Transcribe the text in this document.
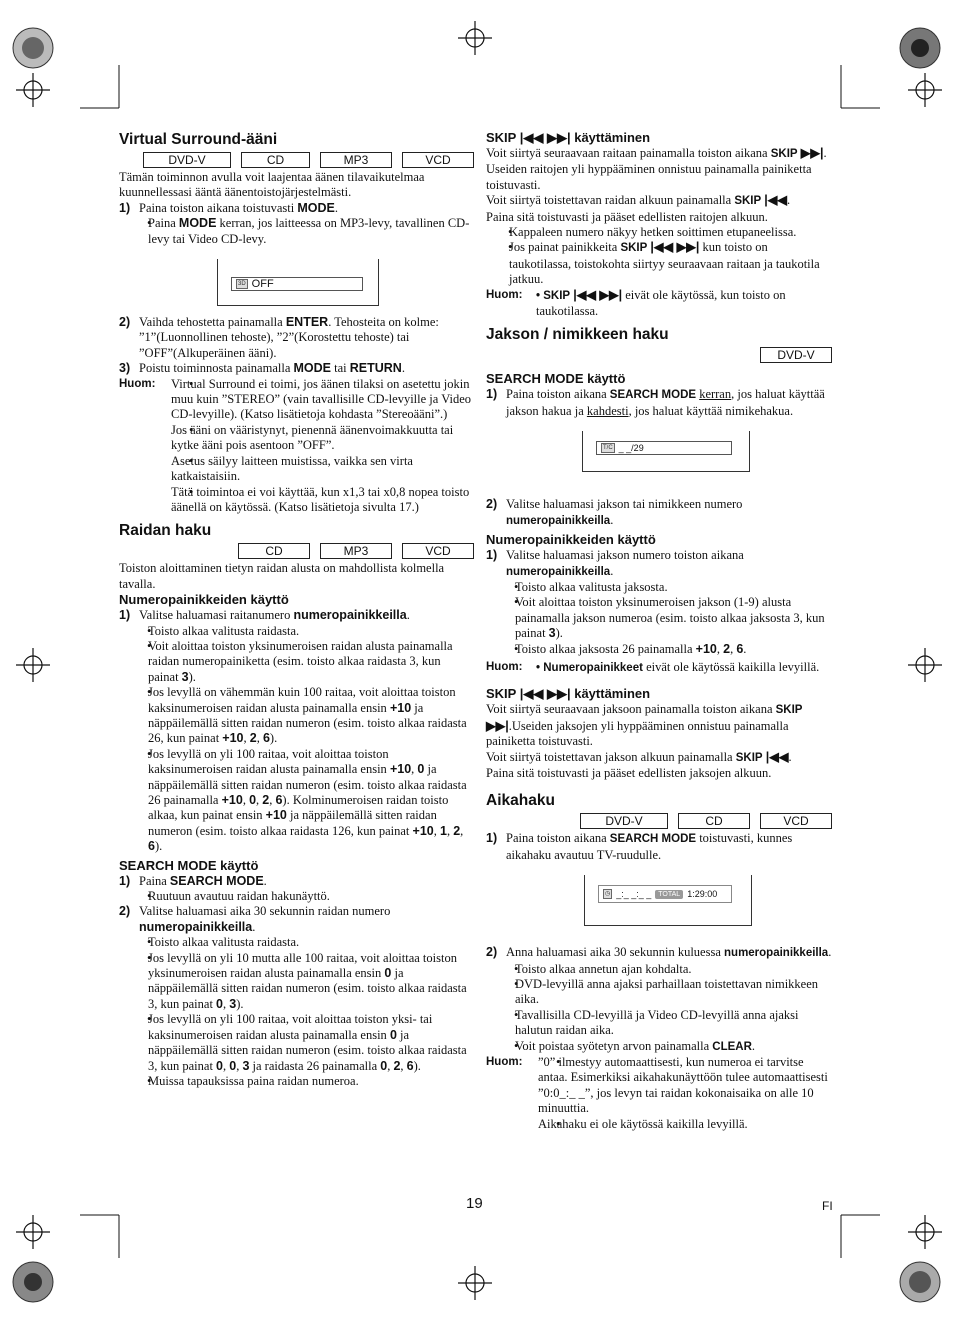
Virtual Surround-ääni
DVD-V	CD	MP3	VCD

Tämän toiminnon avulla voit laajentaa äänen tilavaikutelmaa kuunnellessasi ääntä äänentoistojärjestelmästi.

1) Paina toiston aikana toistuvasti MODE.
• Paina MODE kerran, jos laitteessa on MP3-levy, tavallinen CD-levy tai Video CD-levy.
3D OFF
2) Vaihda tehostetta painamalla ENTER. Tehosteita on kolme: ”1”(Luonnollinen tehoste), ”2”(Korostettu tehoste) tai ”OFF”(Alkuperäinen ääni).
3) Poistu toiminnosta painamalla MODE tai RETURN.
Huom:	• Virtual Surround ei toimi, jos äänen tilaksi on asetettu jokin muu kuin ”STEREO” (vain tavallisille CD-levyille ja Video CD-levyille). (Katso lisätietoja kohdasta ”Stereoääni”.)
• Jos ääni on vääristynyt, pienennä äänenvoimakkuutta tai kytke ääni pois asentoon ”OFF”.
• Asetus säilyy laitteen muistissa, vaikka sen virta katkaistaisiin.
• Tätä toimintoa ei voi käyttää, kun x1,3 tai x0,8 nopea toisto äänellä on käytössä. (Katso lisätietoja sivulta 17.)
Raidan haku
CD	MP3	VCD

Toiston aloittaminen tietyn raidan alusta on mahdollista kolmella tavalla.

Numeropainikkeiden käyttö
1) Valitse haluamasi raitanumero numeropainikkeilla.
• Toisto alkaa valitusta raidasta.
• Voit aloittaa toiston yksinumeroisen raidan alusta painamalla raidan numeropainiketta (esim. toisto alkaa raidasta 3, kun painat 3).
• Jos levyllä on vähemmän kuin 100 raitaa, voit aloittaa toiston kaksinumeroisen raidan alusta painamalla ensin +10 ja näppäilemällä sitten raidan numeron (esim. toisto alkaa raidasta 26, kun painat +10, 2, 6).
• Jos levyllä on yli 100 raitaa, voit aloittaa toiston kaksinumeroisen raidan alusta painamalla ensin +10, 0 ja näppäilemällä sitten raidan numeron (esim. toisto alkaa raidasta 26 painamalla +10, 0, 2, 6). Kolminumeroisen raidan toisto alkaa, kun painat ensin +10 ja näppäilemällä sitten raidan numeron (esim. toisto alkaa raidasta 126, kun painat +10, 1, 2, 6).
SEARCH MODE käyttö
1) Paina SEARCH MODE.
• Ruutuun avautuu raidan hakunäyttö.
2) Valitse haluamasi aika 30 sekunnin raidan numero numeropainikkeilla.
• Toisto alkaa valitusta raidasta.
• Jos levyllä on yli 10 mutta alle 100 raitaa, voit aloittaa toiston yksinumeroisen raidan alusta painamalla ensin 0 ja näppäilemällä sitten raidan numeron (esim. toisto alkaa raidasta 3, kun painat 0, 3).
• Jos levyllä on yli 100 raitaa, voit aloittaa toiston yksi- tai kaksinumeroisen raidan alusta painamalla ensin 0 ja näppäilemällä sitten raidan numeron (esim. toisto alkaa raidasta 3, kun painat 0, 0, 3 ja raidasta 26 painamalla 0, 2, 6).
• Muissa tapauksissa paina raidan numeroa.
SKIP |◀◀ ▶▶| käyttäminen

Voit siirtyä seuraavaan raitaan painamalla toiston aikana SKIP ▶▶|. Useiden raitojen yli hyppääminen onnistuu painamalla painiketta toistuvasti.

Voit siirtyä toistettavan raidan alkuun painamalla SKIP |◀◀.

Paina sitä toistuvasti ja pääset edellisten raitojen alkuun.

• Kappaleen numero näkyy hetken soittimen etupaneelissa.
• Jos painat painikkeita SKIP |◀◀ ▶▶| kun toisto on taukotilassa, toistokohta siirtyy seuraavaan raitaan ja taukotila jatkuu.
Huom: • SKIP |◀◀ ▶▶| eivät ole käytössä, kun toisto on taukotilassa.
Jakson / nimikkeen haku
DVD-V
SEARCH MODE käyttö
1) Paina toiston aikana SEARCH MODE kerran, jos haluat käyttää jakson hakua ja kahdesti, jos haluat käyttää nimikehakua.
T/C _ _/29
2) Valitse haluamasi jakson tai nimikkeen numero numeropainikkeilla.
Numeropainikkeiden käyttö
1) Valitse haluamasi jakson numero toiston aikana numeropainikkeilla.
• Toisto alkaa valitusta jaksosta.
• Voit aloittaa toiston yksinumeroisen jakson (1-9) alusta painamalla jakson numeroa (esim. toisto alkaa jaksosta 3, kun painat 3).
• Toisto alkaa jaksosta 26 painamalla +10, 2, 6.
Huom: • Numeropainikkeet eivät ole käytössä kaikilla levyillä.
SKIP |◀◀ ▶▶| käyttäminen

Voit siirtyä seuraavaan jaksoon painamalla toiston aikana SKIP ▶▶|.Useiden jaksojen yli hyppääminen onnistuu painamalla painiketta toistuvasti.

Voit siirtyä toistettavan jakson alkuun painamalla SKIP |◀◀.

Paina sitä toistuvasti ja pääset edellisten jaksojen alkuun.

Aikahaku
DVD-V	CD	VCD
1) Paina toiston aikana SEARCH MODE toistuvasti, kunnes aikahaku avautuu TV-ruudulle.
◷ _:_ _:_ _	TOTAL 1:29:00
2) Anna haluamasi aika 30 sekunnin kuluessa numeropainikkeilla.
• Toisto alkaa annetun ajan kohdalta.
• DVD-levyillä anna ajaksi parhaillaan toistettavan nimikkeen aika.
• Tavallisilla CD-levyillä ja Video CD-levyillä anna ajaksi halutun raidan aika.
• Voit poistaa syötetyn arvon painamalla CLEAR.
Huom:	• ”0” ilmestyy automaattisesti, kun numeroa ei tarvitse antaa. Esimerkiksi aikahakunäyttöön tulee automaattisesti ”0:0_:_ _”, jos levyn tai raidan kokonaisaika on alle 10 minuuttia.
• Aikahaku ei ole käytössä kaikilla levyillä.
19	FI
